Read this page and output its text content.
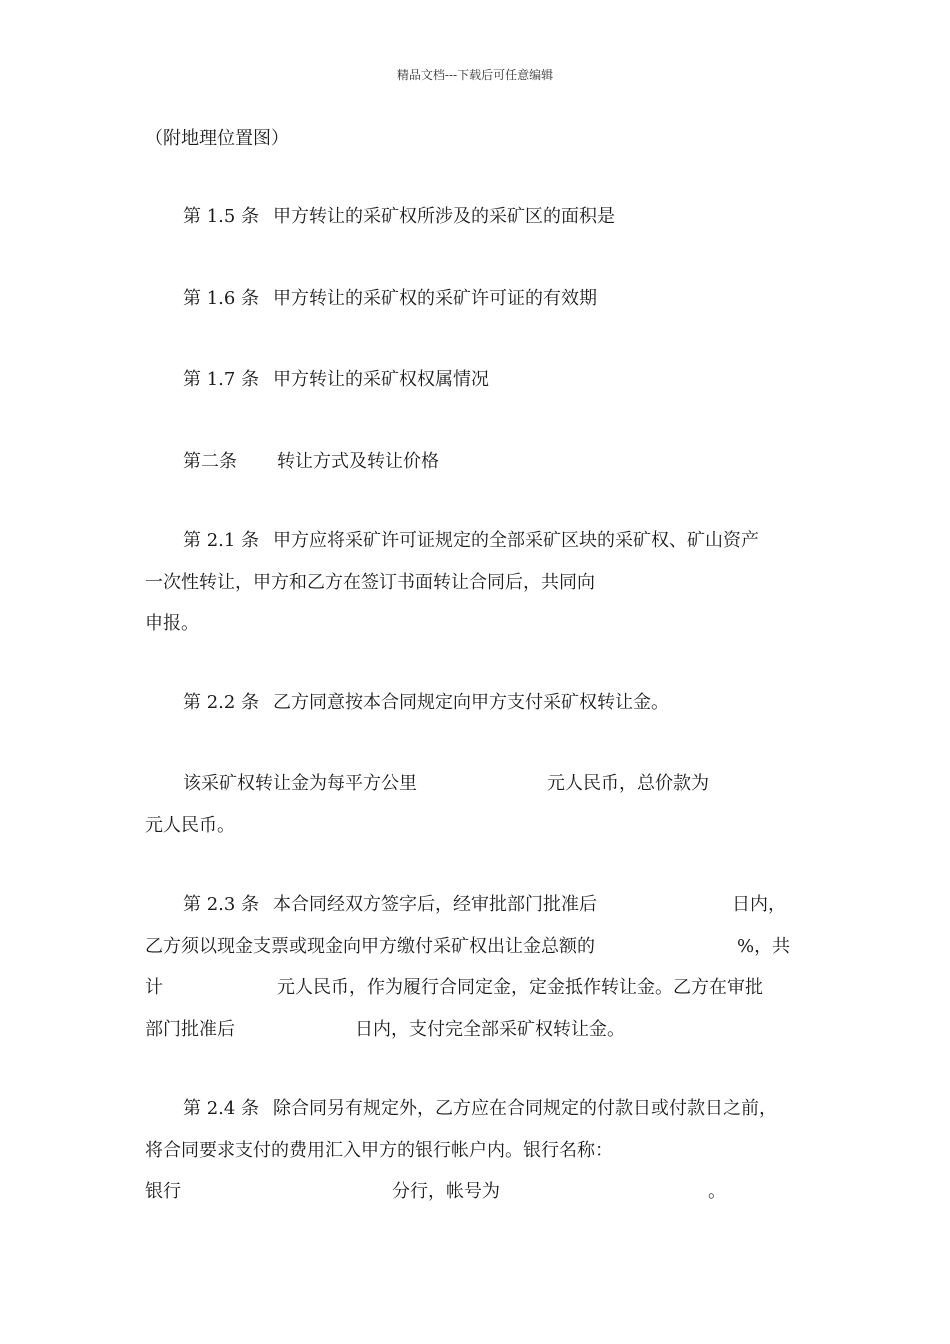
精品文档---下载后可任意编辑
（附地理位置图）
第 1.5 条 甲方转让的采矿权所涉及的采矿区的面积是
第 1.6 条 甲方转让的采矿权的采矿许可证的有效期
第 1.7 条 甲方转让的采矿权权属情况
第二条 转让方式及转让价格
第 2.1 条 甲方应将采矿许可证规定的全部采矿区块的采矿权、矿山资产
一次性转让，甲方和乙方在签订书面转让合同后，共同向
申报。
第 2.2 条 乙方同意按本合同规定向甲方支付采矿权转让金。
该采矿权转让金为每平方公里	元人民币，总价款为
元人民币。
第 2.3 条 本合同经双方签字后，经审批部门批准后	日内，
乙方须以现金支票或现金向甲方缴付采矿权出让金总额的	%，共
计	元人民币，作为履行合同定金，定金抵作转让金。乙方在审批
部门批准后	日内，支付完全部采矿权转让金。
第 2.4 条 除合同另有规定外，乙方应在合同规定的付款日或付款日之前，
将合同要求支付的费用汇入甲方的银行帐户内。银行名称：
银行	分行，帐号为	。
